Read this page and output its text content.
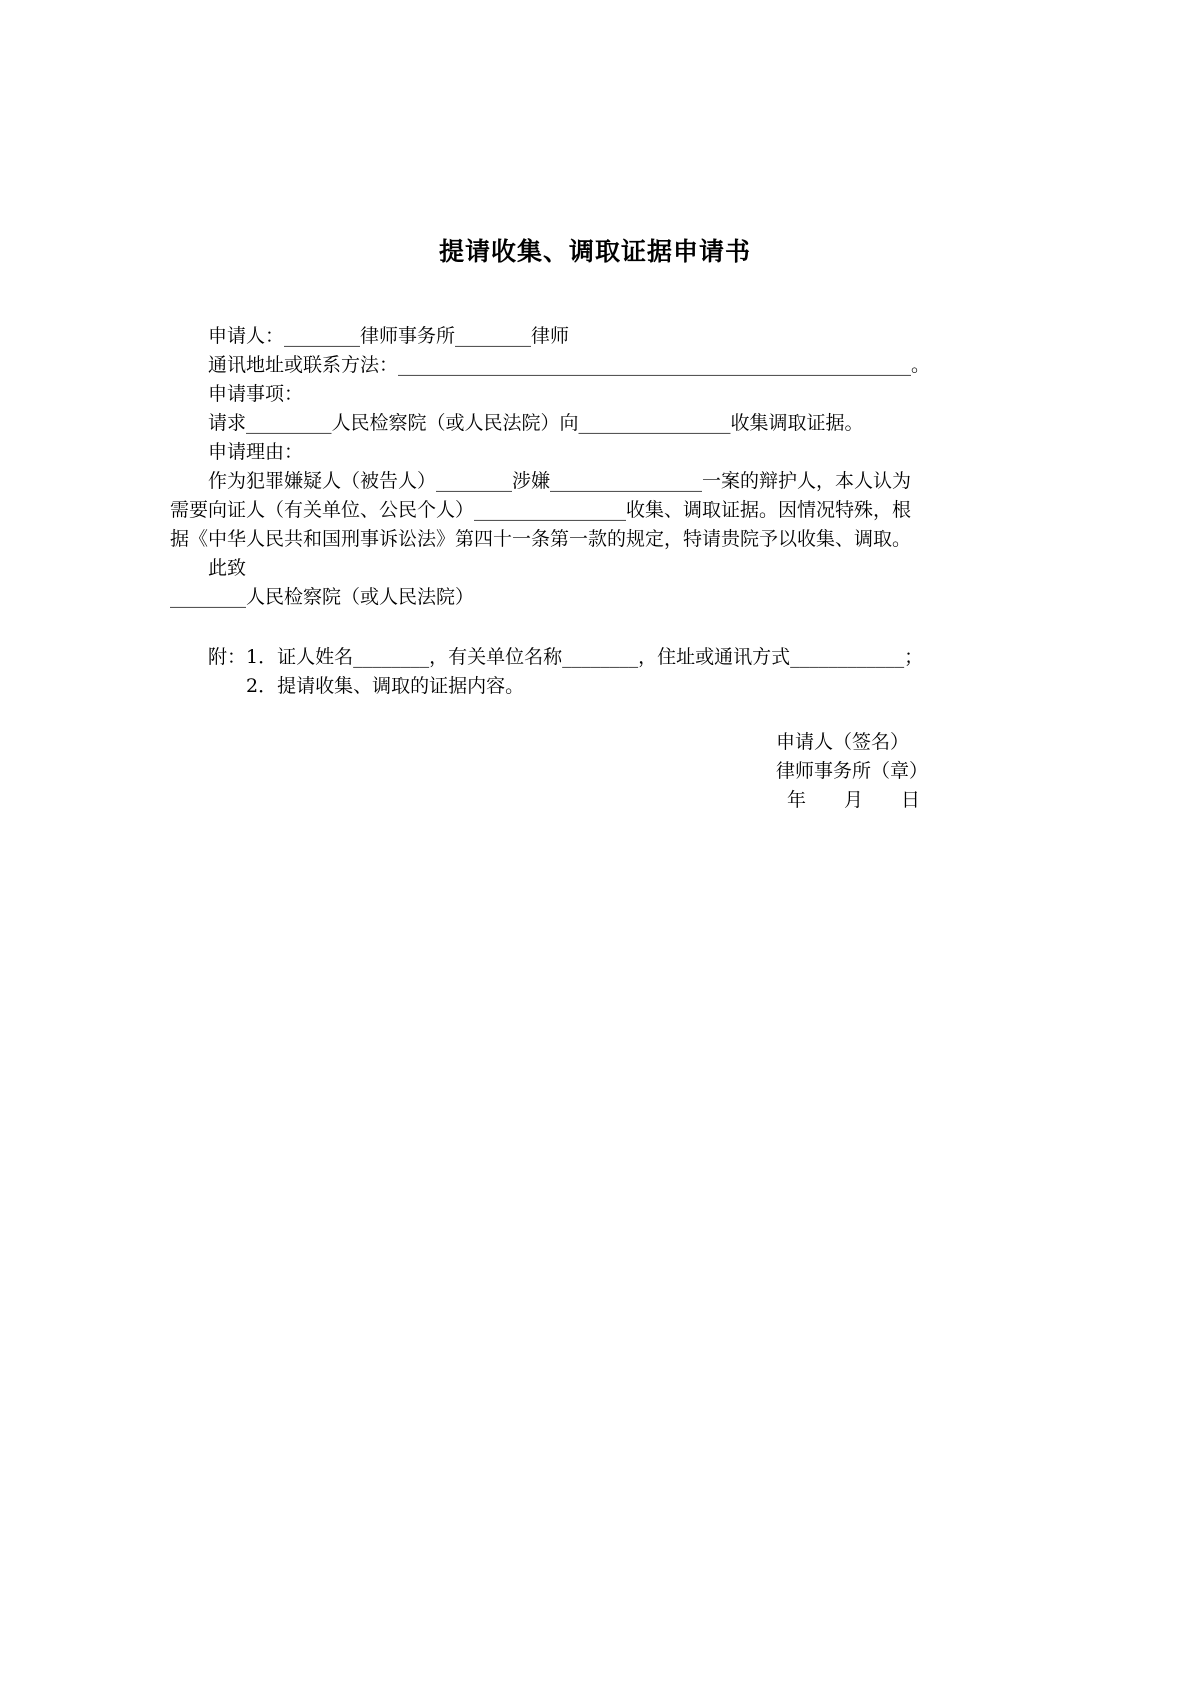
提请收集、调取证据申请书
申请人：________律师事务所________律师
通讯地址或联系方法：______________________________________________________。
申请事项：
请求_________人民检察院（或人民法院）向________________收集调取证据。
申请理由：
作为犯罪嫌疑人（被告人）________涉嫌________________一案的辩护人，本人认为
需要向证人（有关单位、公民个人）________________收集、调取证据。因情况特殊，根
据《中华人民共和国刑事诉讼法》第四十一条第一款的规定，特请贵院予以收集、调取。
此致
________人民检察院（或人民法院）
附：1．证人姓名________，有关单位名称________，住址或通讯方式____________；
2．提请收集、调取的证据内容。
申请人（签名）
律师事务所（章）
年　　月　　日
